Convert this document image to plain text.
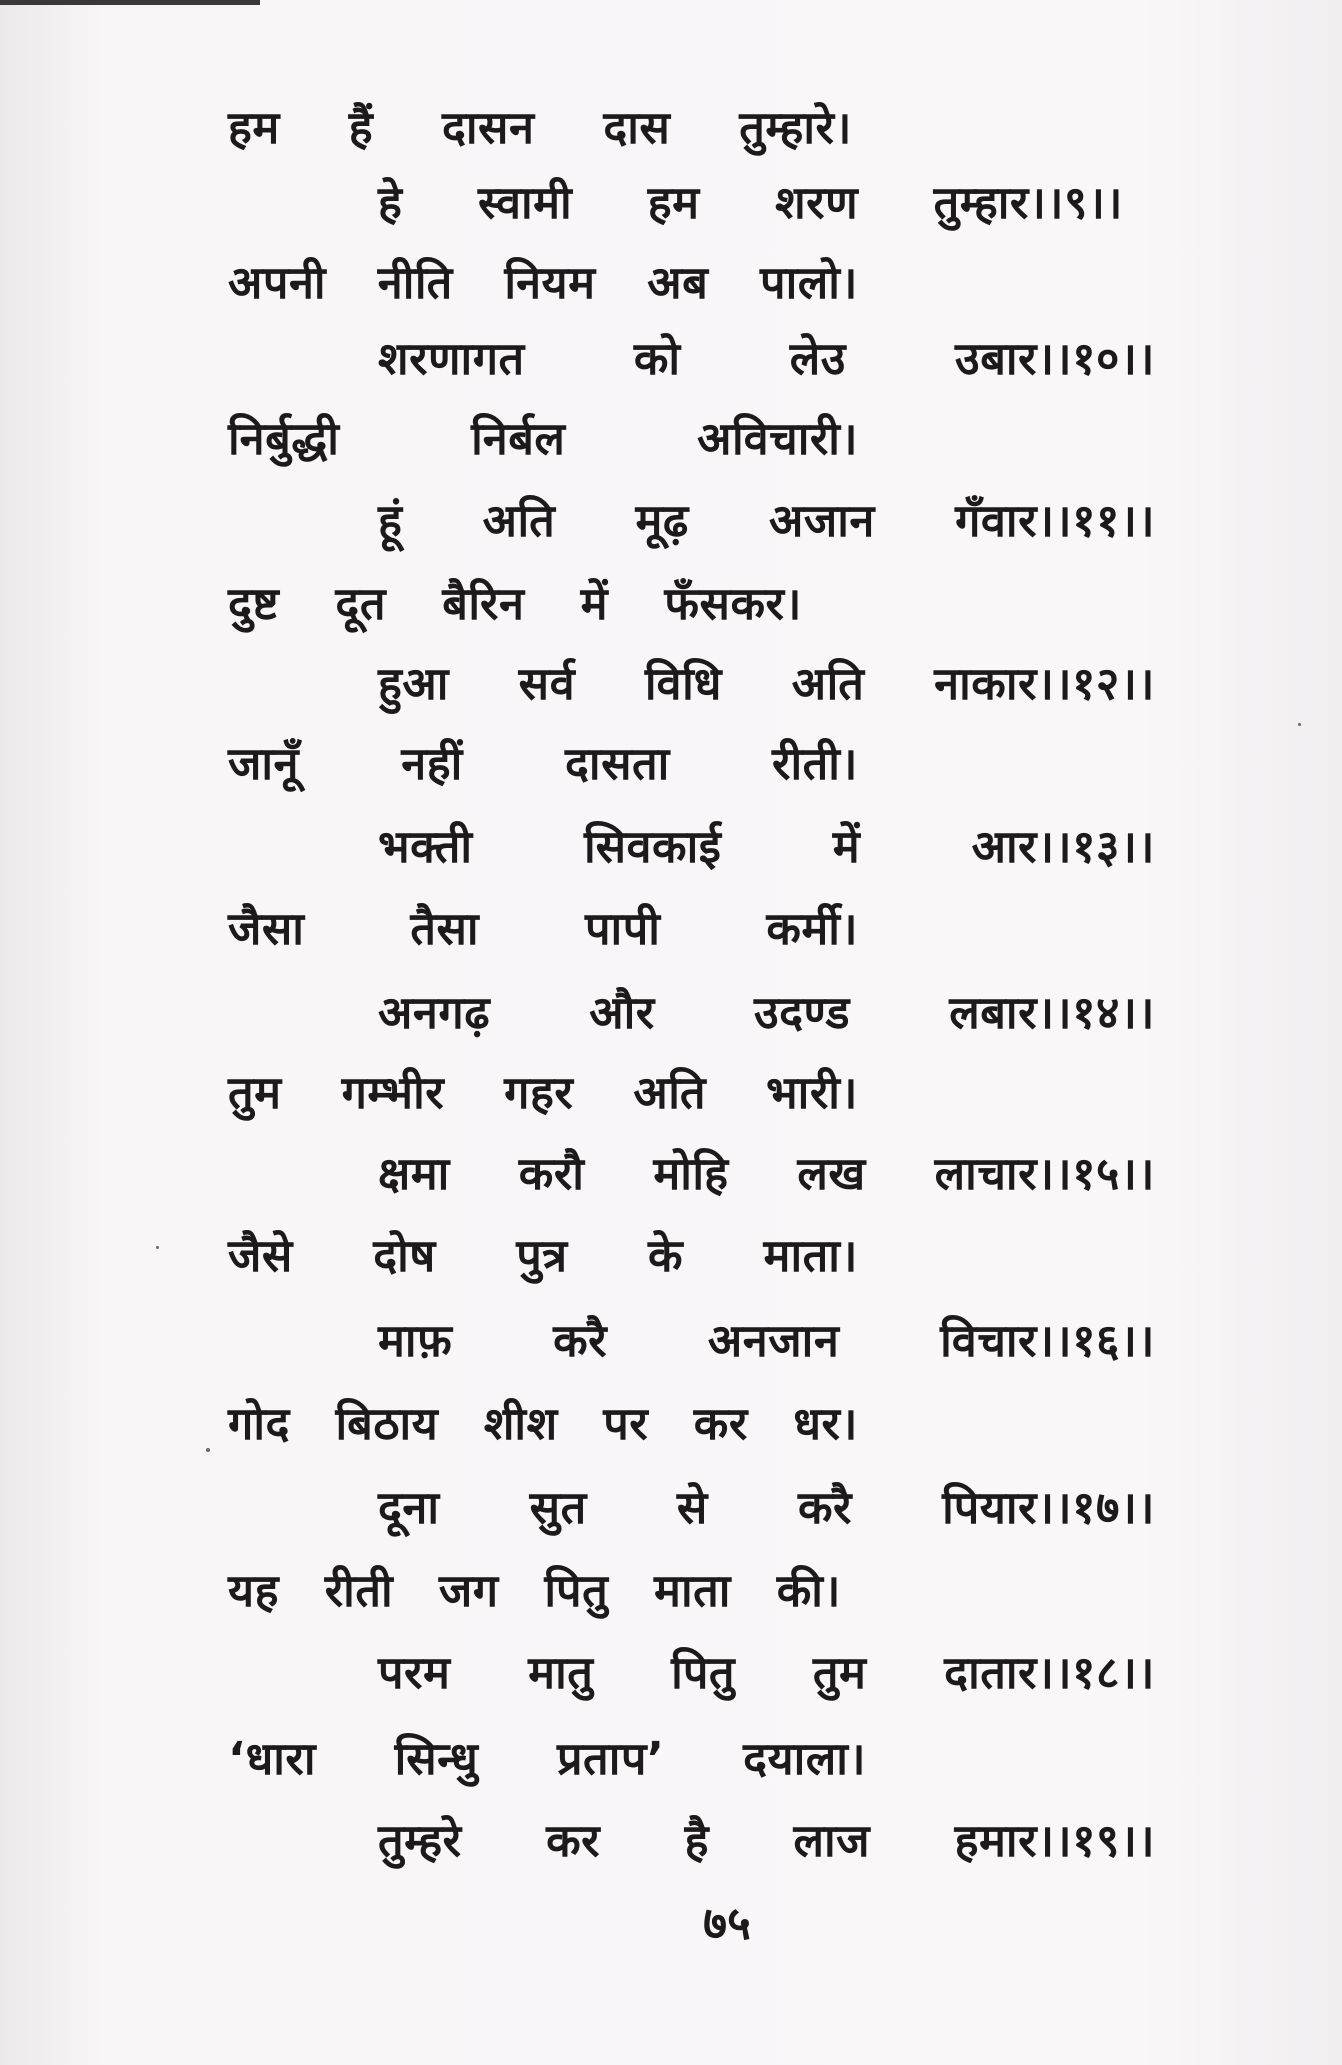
हम हैं दासन दास तुम्हारे।
हे स्वामी हम शरण तुम्हार।।९।।
अपनी नीति नियम अब पालो।
शरणागत को लेउ उबार।।१०।।
निर्बुद्धी	निर्बल	अविचारी।
हूं अति मूढ़ अजान गँवार।।११।।
दुष्ट दूत बैरिन में फँसकर।
हुआ सर्व विधि अति नाकार।।१२।।
जानूँ नहीं दासता रीती।
भक्ती सिवकाई में आर।।१३।।
जैसा तैसा पापी कर्मी।
अनगढ़ और उदण्ड लबार।।१४।।
तुम गम्भीर गहर अति भारी।
क्षमा करौ मोहि लख लाचार।।१५।।
जैसे दोष पुत्र के माता।
माफ़ करै अनजान विचार।।१६।।
गोद बिठाय शीश पर कर धर।
दूना सुत से करै पियार।।१७।।
यह रीती जग पितु माता की।
परम मातु पितु तुम दातार।।१८।।
‘धारा सिन्धु प्रताप’ दयाला।
तुम्हरे कर है लाज हमार।।१९।।
७५
